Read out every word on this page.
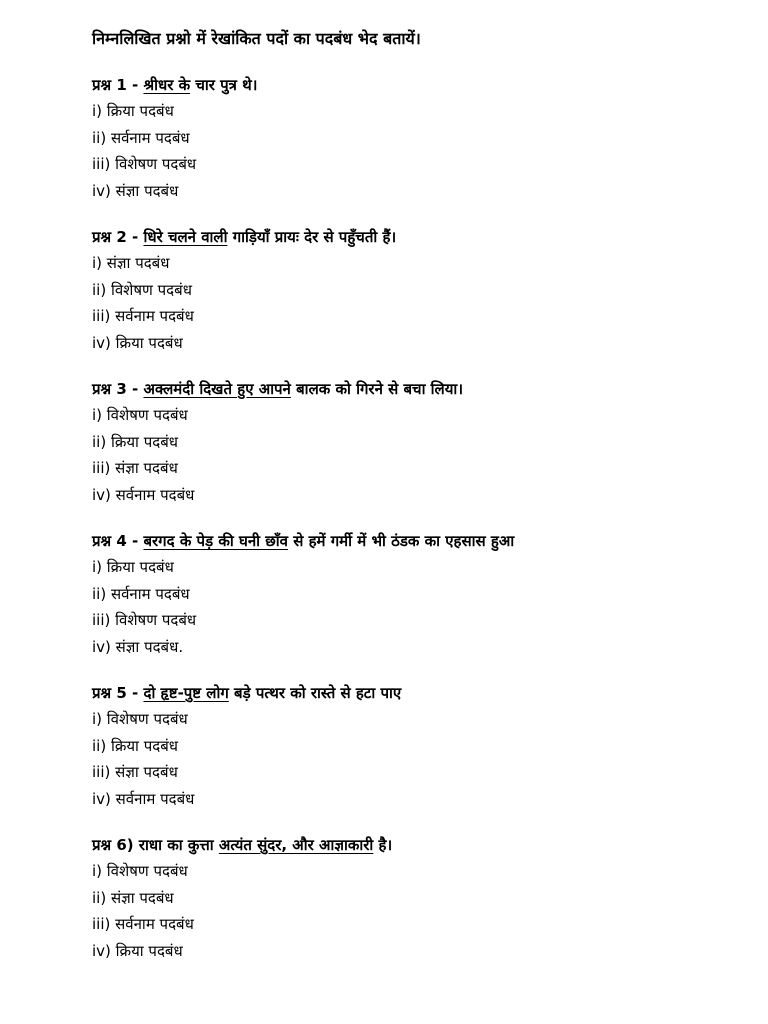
निम्नलिखित प्रश्नो में रेखांकित पदों का पदबंध भेद बतायें।
प्रश्न 1 - श्रीधर के चार पुत्र थे।
i) क्रिया पदबंध
ii) सर्वनाम पदबंध
iii) विशेषण पदबंध
iv) संज्ञा पदबंध
प्रश्न 2 - धिरे चलने वाली गाड़ियाँ प्रायः देर से पहुँचती हैं।
i) संज्ञा पदबंध
ii) विशेषण पदबंध
iii) सर्वनाम पदबंध
iv) क्रिया पदबंध
प्रश्न 3 - अक्लमंदी दिखते हुए आपने बालक को गिरने से बचा लिया।
i) विशेषण पदबंध
ii) क्रिया पदबंध
iii) संज्ञा पदबंध
iv) सर्वनाम पदबंध
प्रश्न 4 - बरगद के पेड़ की घनी छाँव से हमें गर्मी में भी ठंडक का एहसास हुआ
i) क्रिया पदबंध
ii) सर्वनाम पदबंध
iii) विशेषण पदबंध
iv) संज्ञा पदबंध.
प्रश्न 5 - दो हृष्ट-पुष्ट लोग बड़े पत्थर को रास्ते से हटा पाए
i) विशेषण पदबंध
ii) क्रिया पदबंध
iii) संज्ञा पदबंध
iv) सर्वनाम पदबंध
प्रश्न 6) राधा का कुत्ता अत्यंत सुंदर, और आज्ञाकारी है।
i) विशेषण पदबंध
ii) संज्ञा पदबंध
iii) सर्वनाम पदबंध
iv) क्रिया पदबंध
